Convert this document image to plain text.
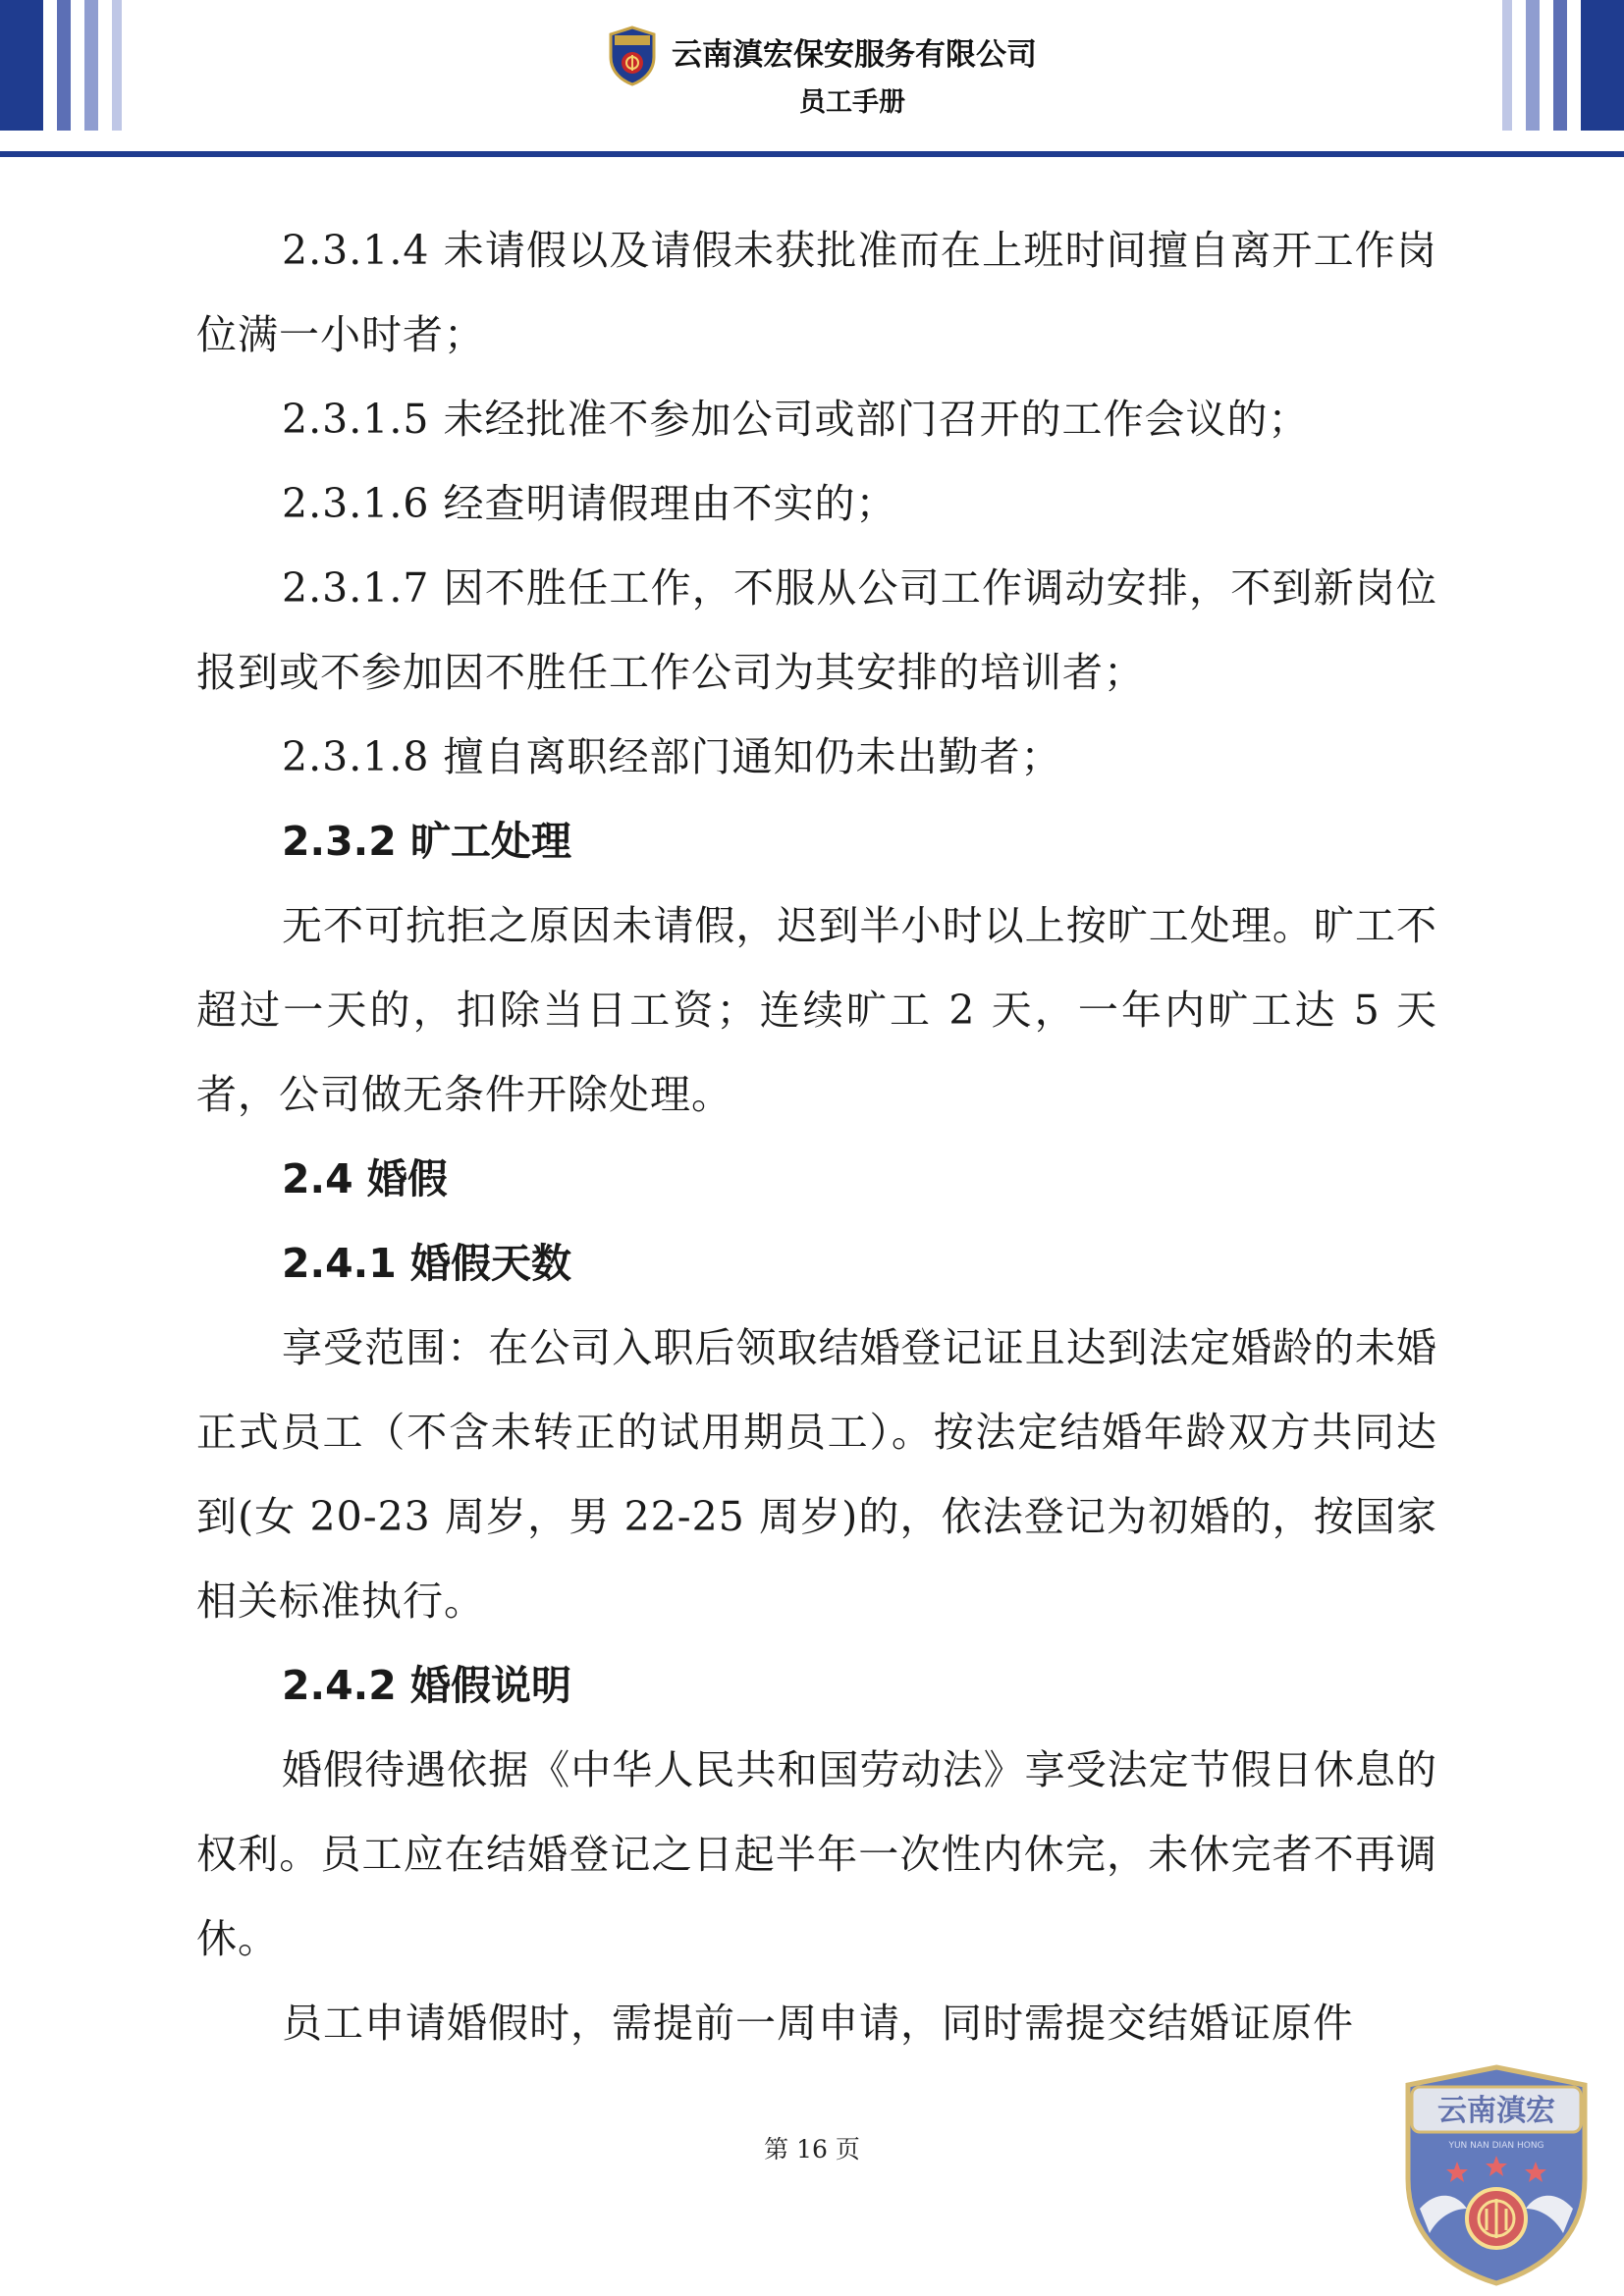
云南滇宏保安服务有限公司
员工手册

2.3.1.4 未请假以及请假未获批准而在上班时间擅自离开工作岗位满一小时者；

2.3.1.5 未经批准不参加公司或部门召开的工作会议的；

2.3.1.6 经查明请假理由不实的；

2.3.1.7 因不胜任工作，不服从公司工作调动安排，不到新岗位报到或不参加因不胜任工作公司为其安排的培训者；

2.3.1.8 擅自离职经部门通知仍未出勤者；

2.3.2 旷工处理

无不可抗拒之原因未请假，迟到半小时以上按旷工处理。旷工不超过一天的，扣除当日工资；连续旷工 2 天，一年内旷工达 5 天者，公司做无条件开除处理。

2.4 婚假

2.4.1 婚假天数

享受范围：在公司入职后领取结婚登记证且达到法定婚龄的未婚正式员工（不含未转正的试用期员工）。按法定结婚年龄双方共同达到(女 20-23 周岁，男 22-25 周岁)的，依法登记为初婚的，按国家相关标准执行。

2.4.2 婚假说明

婚假待遇依据《中华人民共和国劳动法》享受法定节假日休息的权利。员工应在结婚登记之日起半年一次性内休完，未休完者不再调休。

员工申请婚假时，需提前一周申请，同时需提交结婚证原件

第 16 页
云南滇宏
YUN NAN DIAN HONG
